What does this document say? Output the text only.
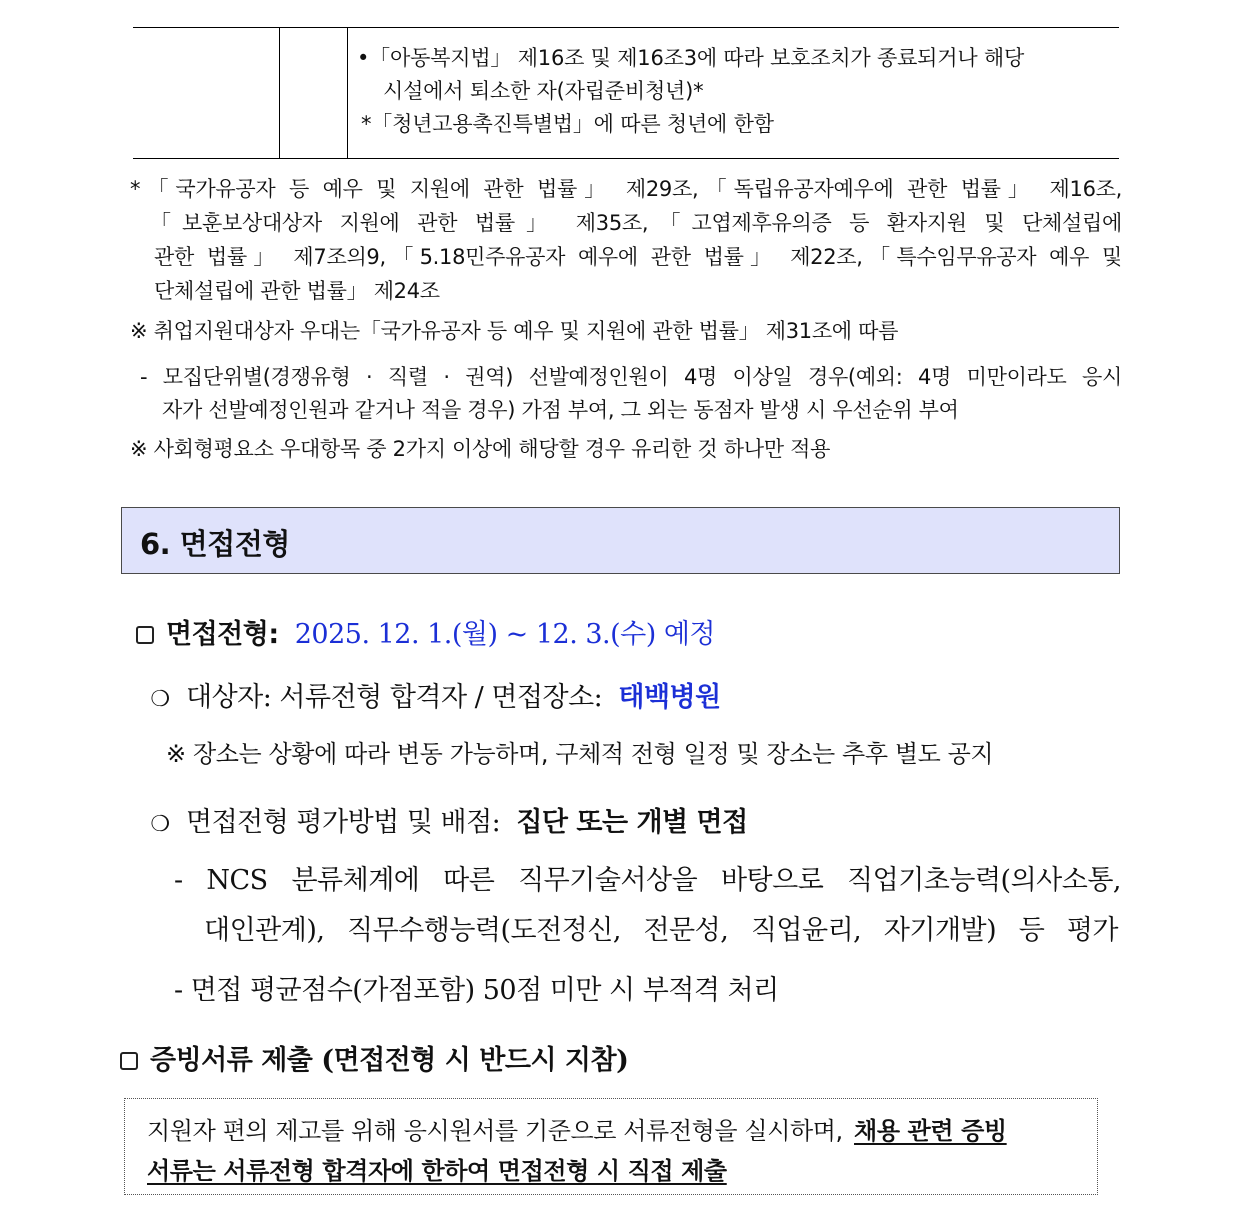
•「아동복지법」 제16조 및 제16조3에 따라 보호조치가 종료되거나 해당
시설에서 퇴소한 자(자립준비청년)*
*「청년고용촉진특별법」에 따른 청년에 한함
*「국가유공자 등 예우 및 지원에 관한 법률」 제29조,「독립유공자예우에 관한 법률」 제16조,
「보훈보상대상자 지원에 관한 법률」 제35조,「고엽제후유의증 등 환자지원 및 단체설립에
관한 법률」 제7조의9,「5.18민주유공자 예우에 관한 법률」 제22조,「특수임무유공자 예우 및
단체설립에 관한 법률」 제24조
※ 취업지원대상자 우대는「국가유공자 등 예우 및 지원에 관한 법률」 제31조에 따름
- 모집단위별(경쟁유형 · 직렬 · 권역) 선발예정인원이 4명 이상일 경우(예외: 4명 미만이라도 응시
자가 선발예정인원과 같거나 적을 경우) 가점 부여, 그 외는 동점자 발생 시 우선순위 부여
※ 사회형평요소 우대항목 중 2가지 이상에 해당할 경우 유리한 것 하나만 적용
6. 면접전형
면접전형: 2025. 12. 1.(월) ~ 12. 3.(수) 예정
❍ 대상자: 서류전형 합격자 / 면접장소: 태백병원
※ 장소는 상황에 따라 변동 가능하며, 구체적 전형 일정 및 장소는 추후 별도 공지
❍ 면접전형 평가방법 및 배점: 집단 또는 개별 면접
- NCS 분류체계에 따른 직무기술서상을 바탕으로 직업기초능력(의사소통,
대인관계), 직무수행능력(도전정신, 전문성, 직업윤리, 자기개발) 등 평가
- 면접 평균점수(가점포함) 50점 미만 시 부적격 처리
증빙서류 제출 (면접전형 시 반드시 지참)
지원자 편의 제고를 위해 응시원서를 기준으로 서류전형을 실시하며, 채용 관련 증빙
서류는 서류전형 합격자에 한하여 면접전형 시 직접 제출
